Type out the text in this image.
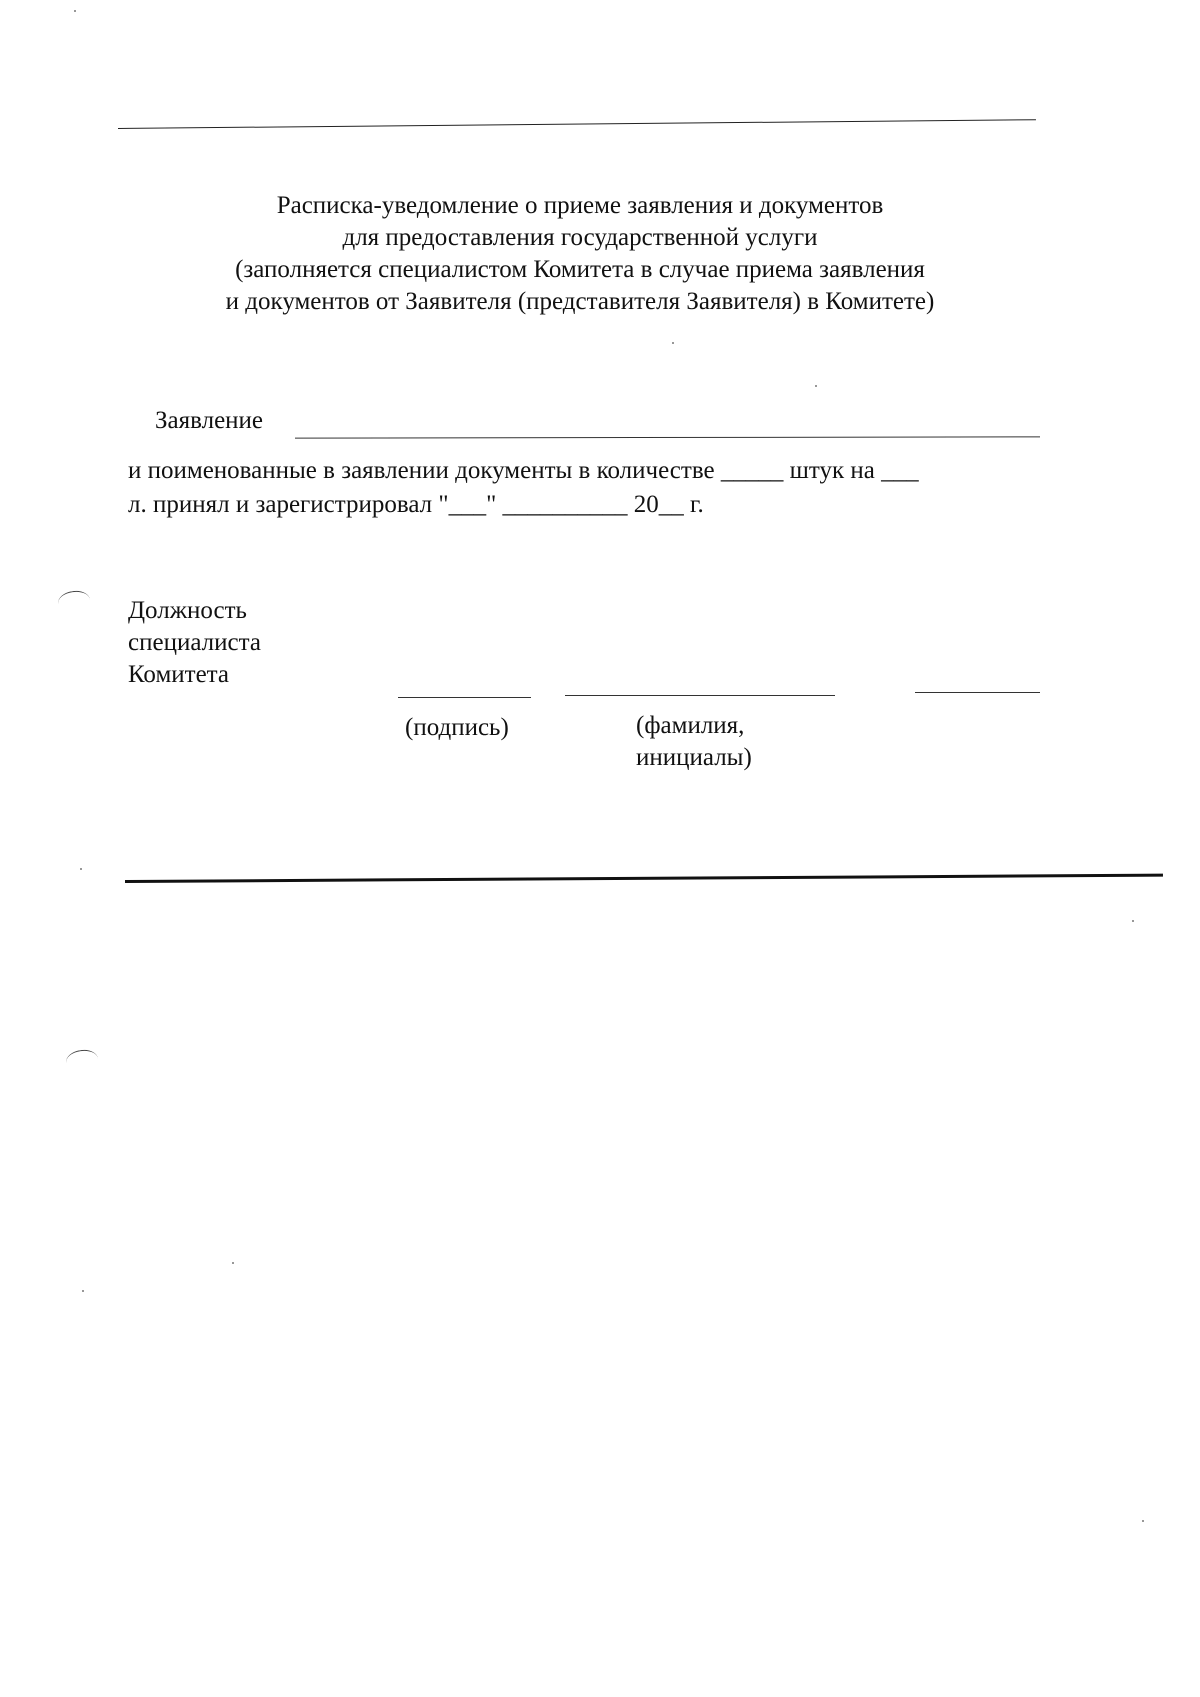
Расписка-уведомление о приеме заявления и документов
для предоставления государственной услуги
(заполняется специалистом Комитета в случае приема заявления
и документов от Заявителя (представителя Заявителя) в Комитете)
Заявление
и поименованные в заявлении документы в количестве _____ штук на ___
л. принял и зарегистрировал "___" __________ 20__ г.
Должность
специалиста
Комитета
(подпись)	(фамилия,
инициалы)
